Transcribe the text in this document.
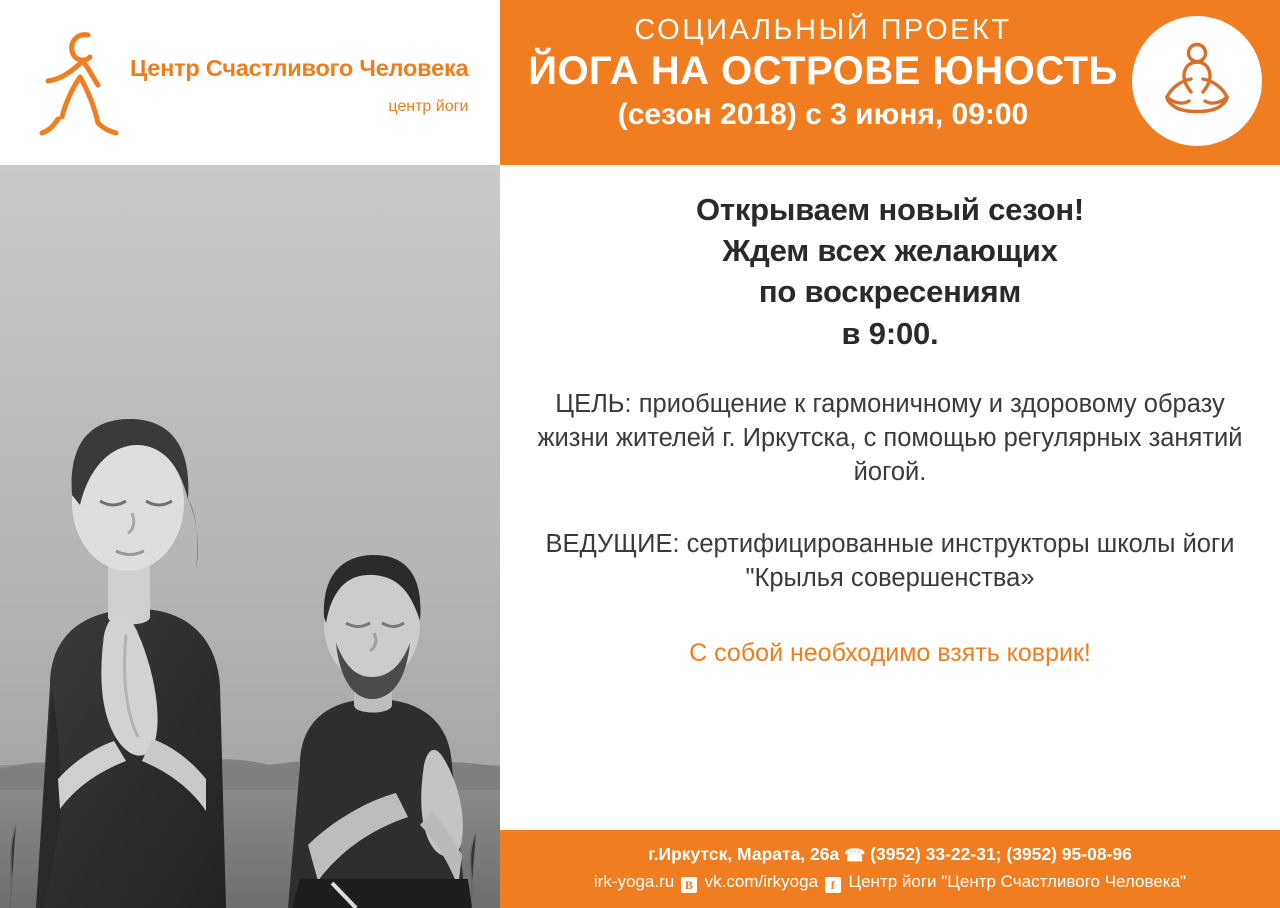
Центр Счастливого Человека
центр йоги
СОЦИАЛЬНЫЙ ПРОЕКТ
ЙОГА НА ОСТРОВЕ ЮНОСТЬ
(сезон 2018) с 3 июня, 09:00
Открываем новый сезон!
Ждем всех желающих
по воскресениям
в 9:00.
ЦЕЛЬ: приобщение к гармоничному и здоровому образу жизни жителей г. Иркутска, с помощью регулярных занятий йогой.
ВЕДУЩИЕ: сертифицированные инструкторы школы йоги "Крылья совершенства»
С собой необходимо взять коврик!
г.Иркутск, Марата, 26а ☎ (3952) 33-22-31; (3952) 95-08-96
irk-yoga.ru В vk.com/irkyoga f Центр йоги "Центр Счастливого Человека"
